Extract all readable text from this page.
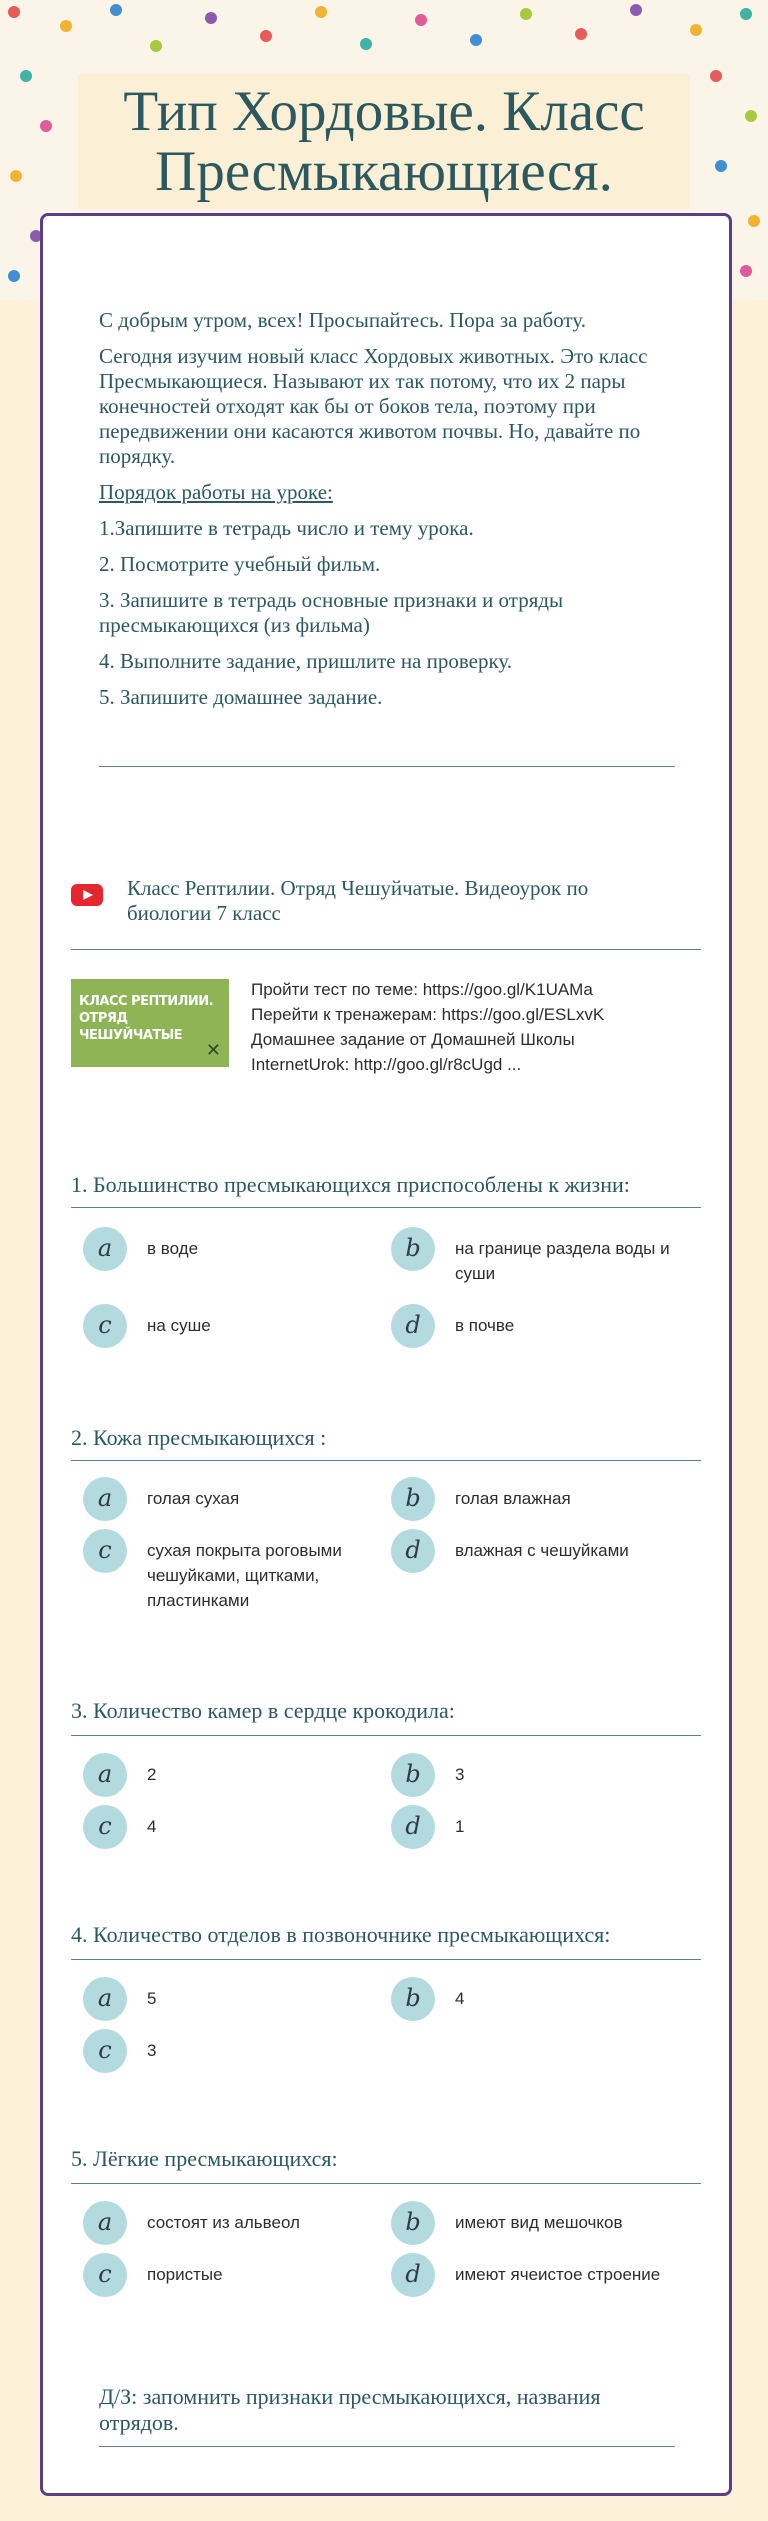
Тип Хордовые. Класс Пресмыкающиеся.

С добрым утром, всех! Просыпайтесь. Пора за работу.

Сегодня изучим новый класс Хордовых животных. Это класс Пресмыкающиеся. Называют их так потому, что их 2 пары конечностей отходят как бы от боков тела, поэтому при передвижении они касаются животом почвы. Но, давайте по порядку.

Порядок работы на уроке:

1.Запишите в тетрадь число и тему урока.

2. Посмотрите учебный фильм.

3. Запишите в тетрадь основные признаки и отряды пресмыкающихся (из фильма)

4. Выполните задание, пришлите на проверку.

5. Запишите домашнее задание.

Класс Рептилии. Отряд Чешуйчатые. Видеоурок по биологии 7 класс
КЛАСС РЕПТИЛИИ. ОТРЯД ЧЕШУЙЧАТЫЕ
✕
Пройти тест по теме: https://goo.gl/K1UAMa
Перейти к тренажерам: https://goo.gl/ESLxvK
Домашнее задание от Домашней Школы
InternetUrok: http://goo.gl/r8cUgd ...
1. Большинство пресмыкающихся приспособлены к жизни:
a	в воде	b	на границе раздела воды и суши
c	на суше	d	в почве
2. Кожа пресмыкающихся :
a	голая сухая	b	голая влажная
c	сухая покрыта роговыми чешуйками, щитками, пластинками
d	влажная с чешуйками
3. Количество камер в сердце крокодила:
a	2	b	3
c	4	d	1
4. Количество отделов в позвоночнике пресмыкающихся:
a	5	b	4
c	3
5. Лёгкие пресмыкающихся:
a	состоят из альвеол	b	имеют вид мешочков
c	пористые	d	имеют ячеистое строение
Д/З: запомнить признаки пресмыкающихся, названия отрядов.
